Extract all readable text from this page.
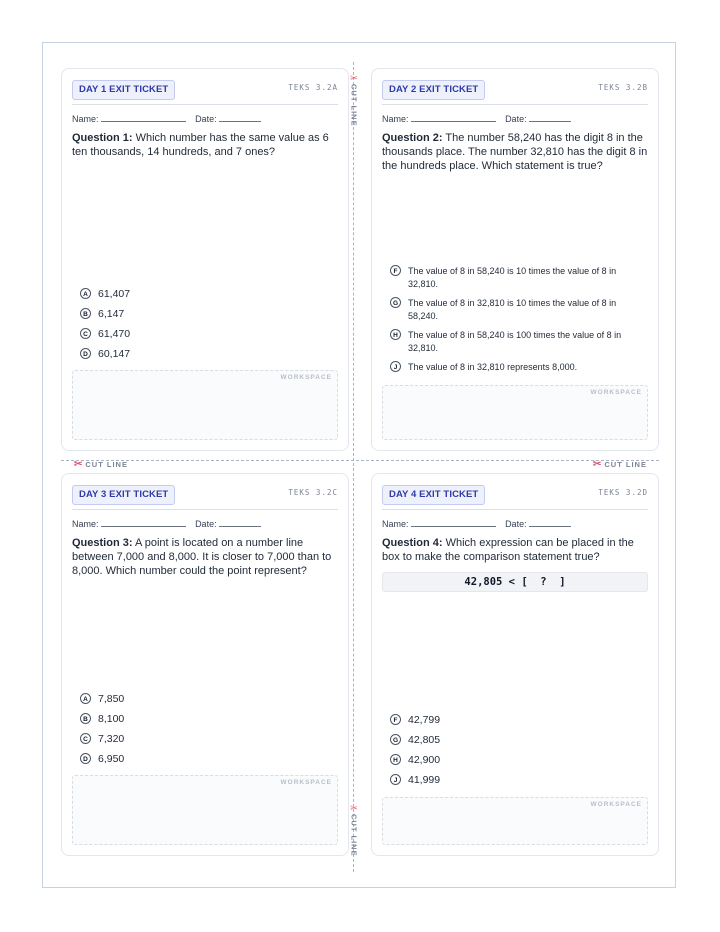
✂
CUT LINE
✂
CUT LINE
✂ CUT LINE	✂ CUT LINE
DAY 1 EXIT TICKET	TEKS 3.2A
Name:	Date:
Question 1: Which number has the same value as 6 ten thousands, 14 hundreds, and 7 ones?
A 61,407
B 6,147
C 61,470
D 60,147
WORKSPACE
DAY 2 EXIT TICKET	TEKS 3.2B
Name:	Date:
Question 2: The number 58,240 has the digit 8 in the thousands place. The number 32,810 has the digit 8 in the hundreds place. Which statement is true?
F	The value of 8 in 58,240 is 10 times the value of 8 in 32,810.
G	The value of 8 in 32,810 is 10 times the value of 8 in 58,240.
H	The value of 8 in 58,240 is 100 times the value of 8 in 32,810.
J	The value of 8 in 32,810 represents 8,000.
WORKSPACE
DAY 3 EXIT TICKET	TEKS 3.2C
Name:	Date:
Question 3: A point is located on a number line between 7,000 and 8,000. It is closer to 7,000 than to 8,000. Which number could the point represent?
A 7,850
B 8,100
C 7,320
D 6,950
WORKSPACE
DAY 4 EXIT TICKET	TEKS 3.2D
Name:	Date:
Question 4: Which expression can be placed in the box to make the comparison statement true?
42,805 < [  ?  ]
F	42,799
G 42,805
H 42,900
J	41,999
WORKSPACE
